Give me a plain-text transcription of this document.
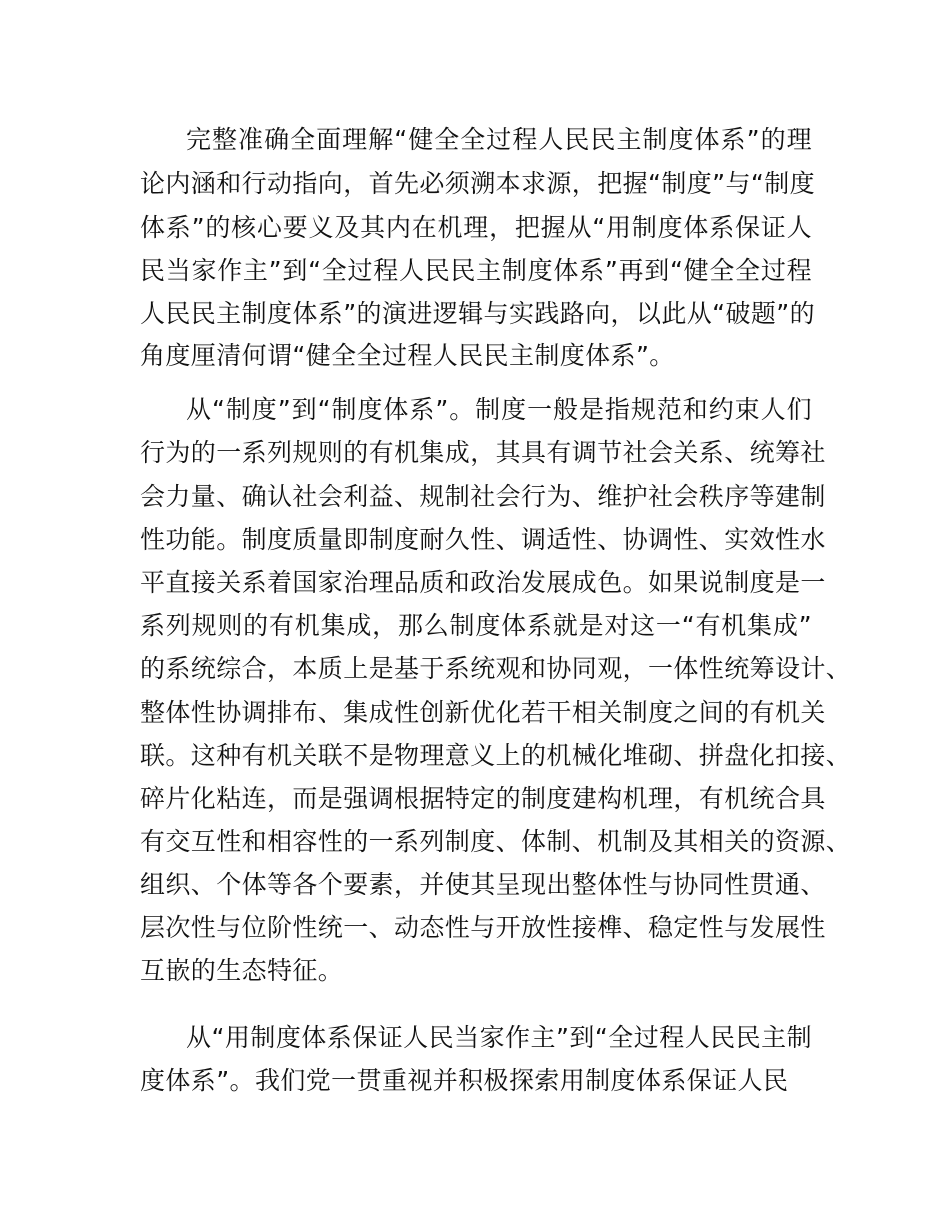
完整准确全面理解“健全全过程人民民主制度体系”的理
论内涵和行动指向，首先必须溯本求源，把握“制度”与“制度
体系”的核心要义及其内在机理，把握从“用制度体系保证人
民当家作主”到“全过程人民民主制度体系”再到“健全全过程
人民民主制度体系”的演进逻辑与实践路向，以此从“破题”的
角度厘清何谓“健全全过程人民民主制度体系”。
从“制度”到“制度体系”。制度一般是指规范和约束人们
行为的一系列规则的有机集成，其具有调节社会关系、统筹社
会力量、确认社会利益、规制社会行为、维护社会秩序等建制
性功能。制度质量即制度耐久性、调适性、协调性、实效性水
平直接关系着国家治理品质和政治发展成色。如果说制度是一
系列规则的有机集成，那么制度体系就是对这一“有机集成”
的系统综合，本质上是基于系统观和协同观，一体性统筹设计、
整体性协调排布、集成性创新优化若干相关制度之间的有机关
联。这种有机关联不是物理意义上的机械化堆砌、拼盘化扣接、
碎片化粘连，而是强调根据特定的制度建构机理，有机统合具
有交互性和相容性的一系列制度、体制、机制及其相关的资源、
组织、个体等各个要素，并使其呈现出整体性与协同性贯通、
层次性与位阶性统一、动态性与开放性接榫、稳定性与发展性
互嵌的生态特征。
从“用制度体系保证人民当家作主”到“全过程人民民主制
度体系”。我们党一贯重视并积极探索用制度体系保证人民
